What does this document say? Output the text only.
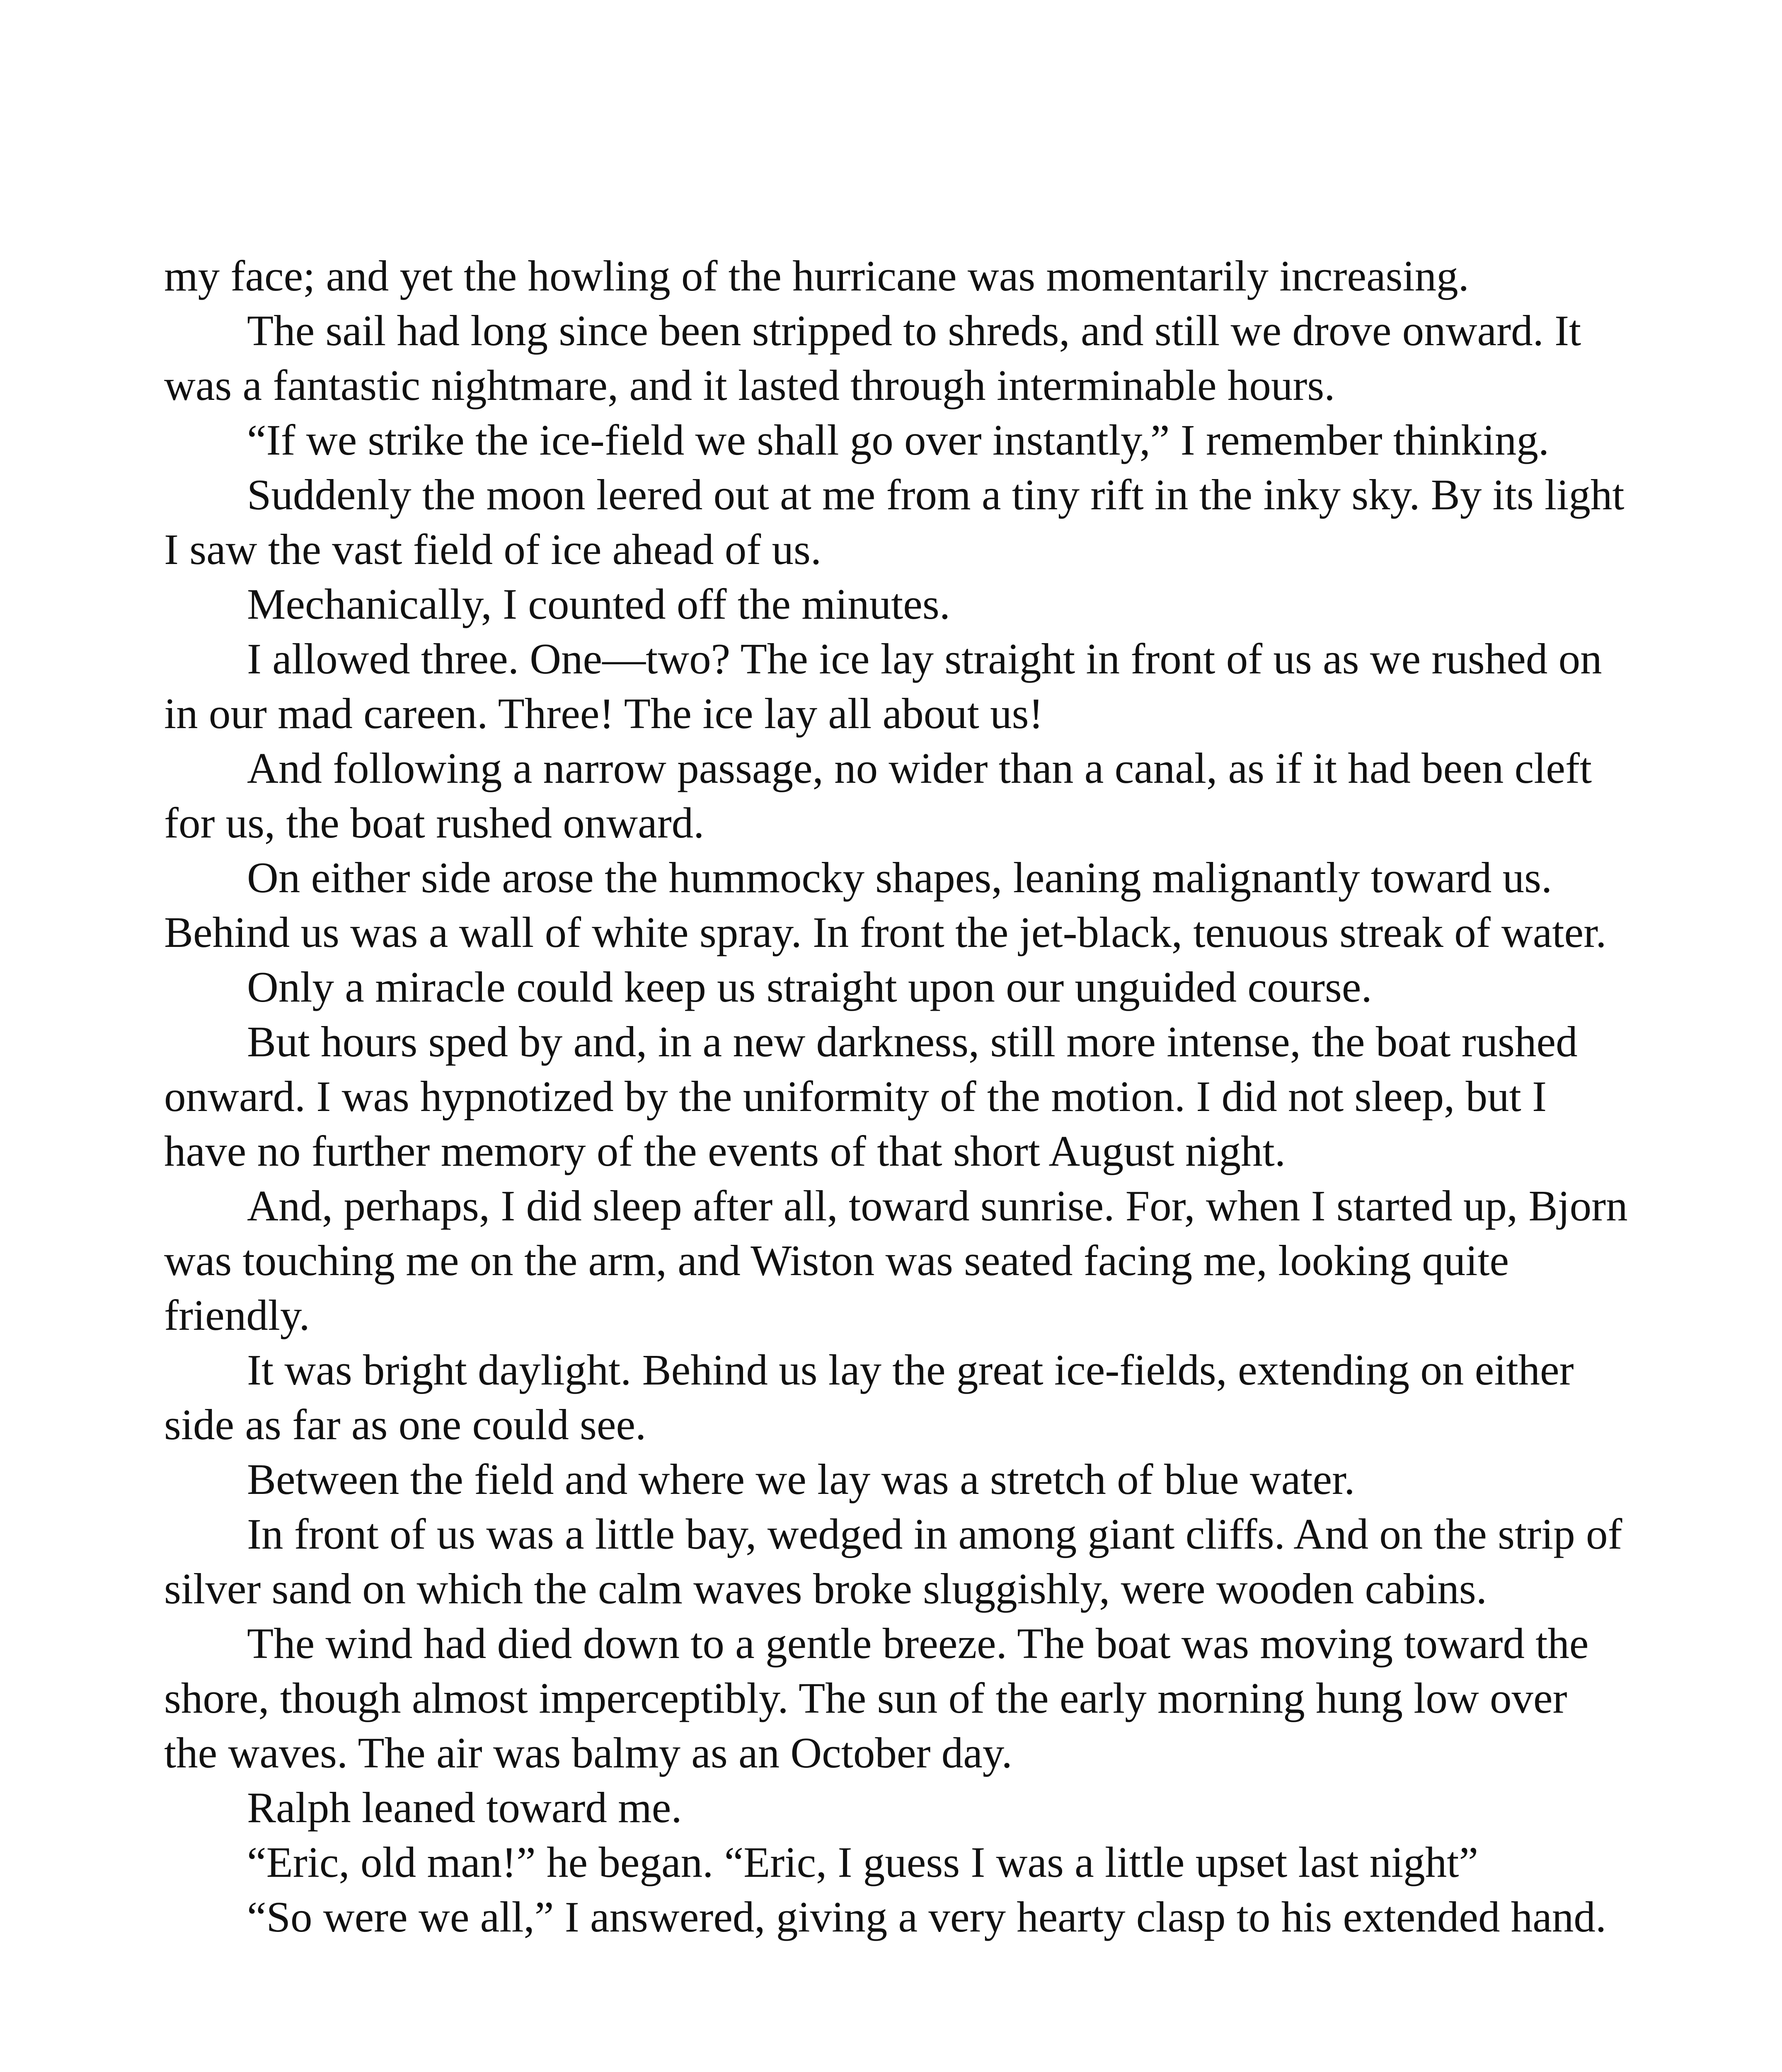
my face; and yet the howling of the hurricane was momentarily increasing.

The sail had long since been stripped to shreds, and still we drove onward. It was a fantastic nightmare, and it lasted through interminable hours.

“If we strike the ice-field we shall go over instantly,” I remember thinking.

Suddenly the moon leered out at me from a tiny rift in the inky sky. By its light I saw the vast field of ice ahead of us.

Mechanically, I counted off the minutes.

I allowed three. One—two? The ice lay straight in front of us as we rushed on in our mad careen. Three! The ice lay all about us!

And following a narrow passage, no wider than a canal, as if it had been cleft for us, the boat rushed onward.

On either side arose the hummocky shapes, leaning malignantly toward us. Behind us was a wall of white spray. In front the jet-black, tenuous streak of water.

Only a miracle could keep us straight upon our unguided course.

But hours sped by and, in a new darkness, still more intense, the boat rushed onward. I was hypnotized by the uniformity of the motion. I did not sleep, but I have no further memory of the events of that short August night.

And, perhaps, I did sleep after all, toward sunrise. For, when I started up, Bjorn was touching me on the arm, and Wiston was seated facing me, looking quite friendly.

It was bright daylight. Behind us lay the great ice-fields, extending on either side as far as one could see.

Between the field and where we lay was a stretch of blue water.

In front of us was a little bay, wedged in among giant cliffs. And on the strip of silver sand on which the calm waves broke sluggishly, were wooden cabins.

The wind had died down to a gentle breeze. The boat was moving toward the shore, though almost imperceptibly. The sun of the early morning hung low over the waves. The air was balmy as an October day.

Ralph leaned toward me.

“Eric, old man!” he began. “Eric, I guess I was a little upset last night”

“So were we all,” I answered, giving a very hearty clasp to his extended hand.
